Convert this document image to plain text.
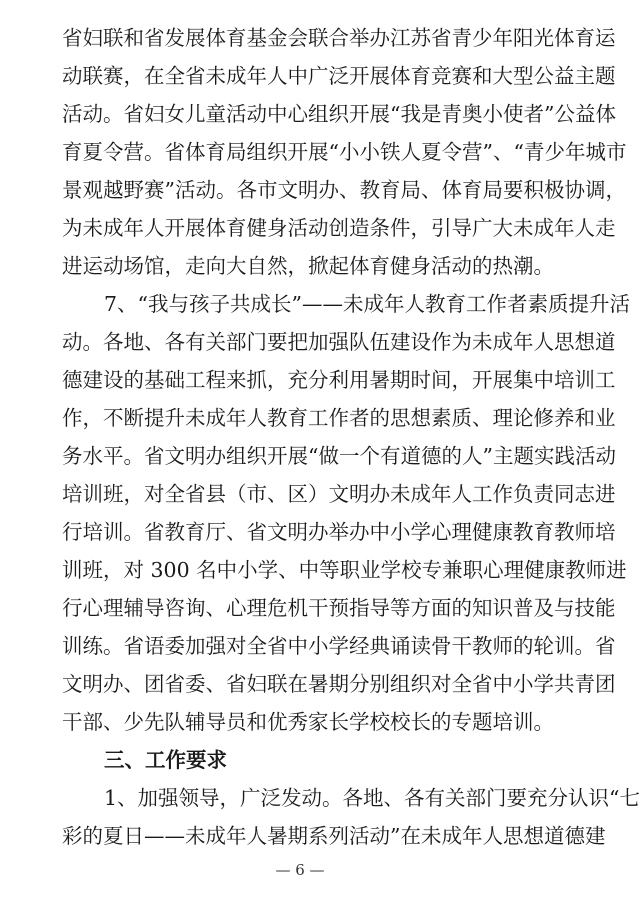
省妇联和省发展体育基金会联合举办江苏省青少年阳光体育运
动联赛，在全省未成年人中广泛开展体育竞赛和大型公益主题
活动。省妇女儿童活动中心组织开展“我是青奥小使者”公益体
育夏令营。省体育局组织开展“小小铁人夏令营”、“青少年城市
景观越野赛”活动。各市文明办、教育局、体育局要积极协调，
为未成年人开展体育健身活动创造条件，引导广大未成年人走
进运动场馆，走向大自然，掀起体育健身活动的热潮。
7、“我与孩子共成长”——未成年人教育工作者素质提升活
动。各地、各有关部门要把加强队伍建设作为未成年人思想道
德建设的基础工程来抓，充分利用暑期时间，开展集中培训工
作，不断提升未成年人教育工作者的思想素质、理论修养和业
务水平。省文明办组织开展“做一个有道德的人”主题实践活动
培训班，对全省县（市、区）文明办未成年人工作负责同志进
行培训。省教育厅、省文明办举办中小学心理健康教育教师培
训班，对 300 名中小学、中等职业学校专兼职心理健康教师进
行心理辅导咨询、心理危机干预指导等方面的知识普及与技能
训练。省语委加强对全省中小学经典诵读骨干教师的轮训。省
文明办、团省委、省妇联在暑期分别组织对全省中小学共青团
干部、少先队辅导员和优秀家长学校校长的专题培训。
三、工作要求
1、加强领导，广泛发动。各地、各有关部门要充分认识“七
彩的夏日——未成年人暑期系列活动”在未成年人思想道德建
— 6 —
